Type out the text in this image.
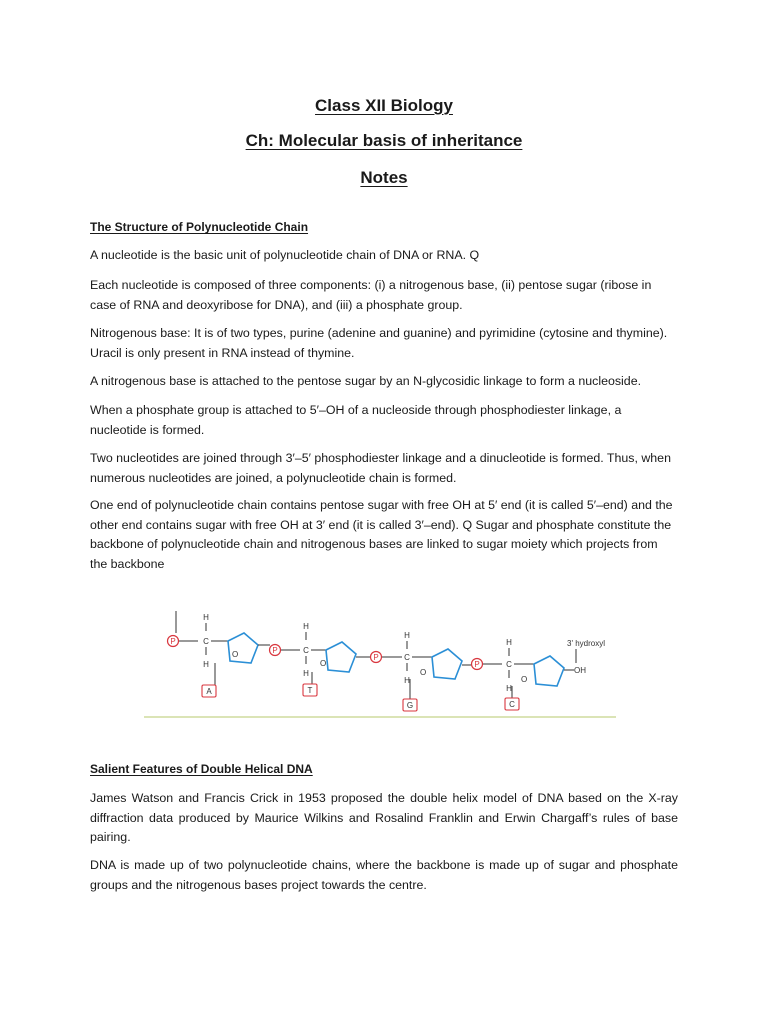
Class XII Biology
Ch: Molecular basis of inheritance
Notes
The Structure of Polynucleotide Chain

A nucleotide is the basic unit of polynucleotide chain of DNA or RNA. Q

Each nucleotide is composed of three components: (i) a nitrogenous base, (ii) pentose sugar (ribose in case of RNA and deoxyribose for DNA), and (iii) a phosphate group.

Nitrogenous base: It is of two types, purine (adenine and guanine) and pyrimidine (cytosine and thymine). Uracil is only present in RNA instead of thymine.

A nitrogenous base is attached to the pentose sugar by an N-glycosidic linkage to form a nucleoside.

When a phosphate group is attached to 5′–OH of a nucleoside through phosphodiester linkage, a nucleotide is formed.

Two nucleotides are joined through 3′–5′ phosphodiester linkage and a dinucleotide is formed. Thus, when numerous nucleotides are joined, a polynucleotide chain is formed.

One end of polynucleotide chain contains pentose sugar with free OH at 5′ end (it is called 5′–end) and the other end contains sugar with free OH at 3′ end (it is called 3′–end). Q Sugar and phosphate constitute the backbone of polynucleotide chain and nitrogenous bases are linked to sugar moiety which projects from the backbone

P
H
C
H
O
A
P
H
C
H
O
T
P
H
C
H
O
G
P
H
C
H
O
OH
3' hydroxyl
C
Salient Features of Double Helical DNA

James Watson and Francis Crick in 1953 proposed the double helix model of DNA based on the X-ray diffraction data produced by Maurice Wilkins and Rosalind Franklin and Erwin Chargaff’s rules of base pairing.

DNA is made up of two polynucleotide chains, where the backbone is made up of sugar and phosphate groups and the nitrogenous bases project towards the centre.
